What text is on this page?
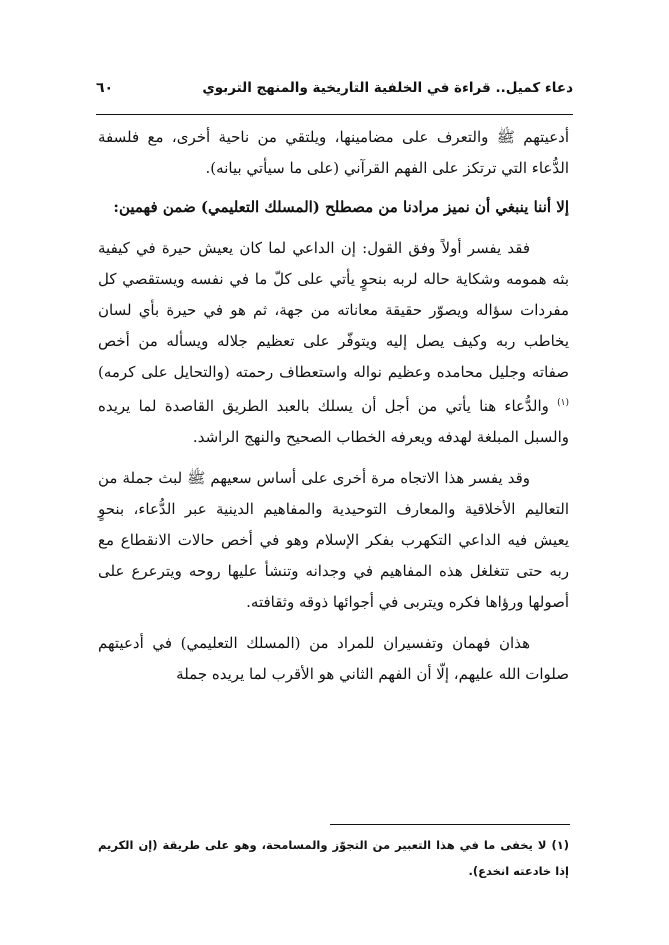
دعاء كميل.. قراءة في الخلفية التاريخية والمنهج التربوي
٦٠

أدعيتهم ﷺ والتعرف على مضامينها، ويلتقي من ناحية أخرى، مع فلسفة الدُّعاء التي ترتكز على الفهم القرآني (على ما سيأتي بيانه).

إلا أننا ينبغي أن نميز مرادنا من مصطلح (المسلك التعليمي) ضمن فهمين:

فقد يفسر أولاً وفق القول: إن الداعي لما كان يعيش حيرة في كيفية بثه همومه وشكاية حاله لربه بنحوٍ يأتي على كلّ ما في نفسه ويستقصي كل مفردات سؤاله ويصوّر حقيقة معاناته من جهة، ثم هو في حيرة بأي لسان يخاطب ربه وكيف يصل إليه ويتوفّر على تعظيم جلاله ويسأله من أخص صفاته وجليل محامده وعظيم نواله واستعطاف رحمته (والتحايل على كرمه)$^{(١)}$ والدُّعاء هنا يأتي من أجل أن يسلك بالعبد الطريق القاصدة لما يريده والسبل المبلغة لهدفه ويعرفه الخطاب الصحيح والنهج الراشد.

وقد يفسر هذا الاتجاه مرة أخرى على أساس سعيهم ﷺ لبث جملة من التعاليم الأخلاقية والمعارف التوحيدية والمفاهيم الدينية عبر الدُّعاء، بنحوٍ يعيش فيه الداعي التكهرب بفكر الإسلام وهو في أخص حالات الانقطاع مع ربه حتى تتغلغل هذه المفاهيم في وجدانه وتنشأ عليها روحه ويترعرع على أصولها ورؤاها فكره ويتربى في أجوائها ذوقه وثقافته.

هذان فهمان وتفسيران للمراد من (المسلك التعليمي) في أدعيتهم صلوات الله عليهم، إلّا أن الفهم الثاني هو الأقرب لما يريده جملة

(١) لا يخفى ما في هذا التعبير من التجوّز والمسامحة، وهو على طريقة (إن الكريم إذا خادعته انخدع).
